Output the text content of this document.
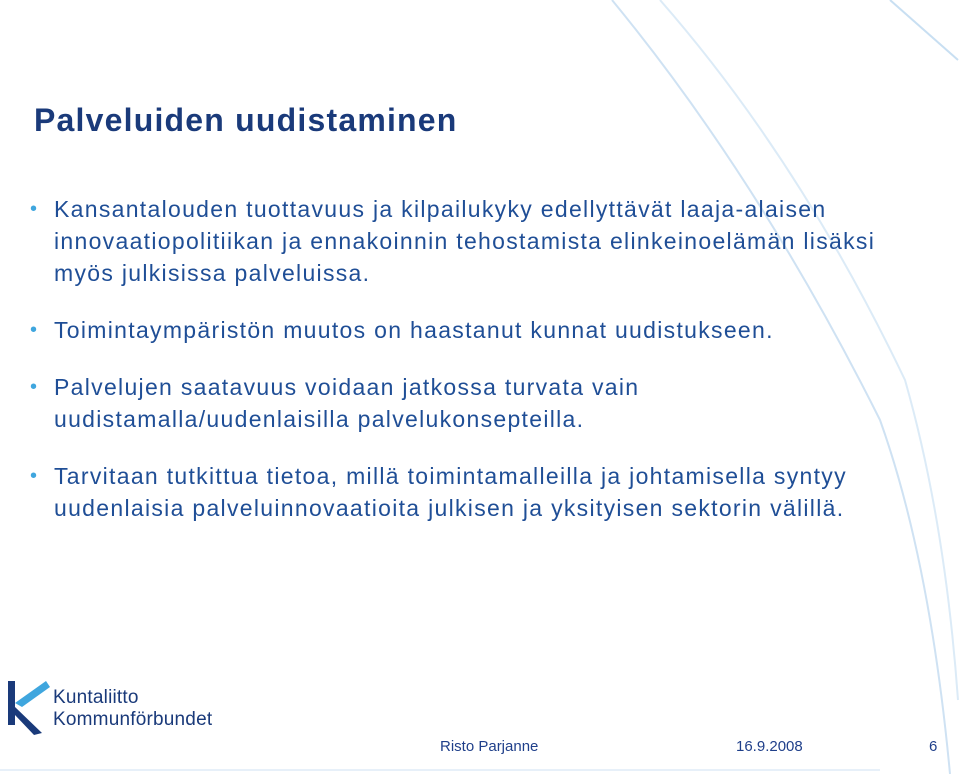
Palveluiden uudistaminen
• Kansantalouden tuottavuus ja kilpailukyky edellyttävät laaja-alaisen innovaatiopolitiikan ja ennakoinnin tehostamista elinkeinoelämän lisäksi myös julkisissa palveluissa.
• Toimintaympäristön muutos on haastanut kunnat uudistukseen.
• Palvelujen saatavuus voidaan jatkossa turvata vain uudistamalla/uudenlaisilla palvelukonsepteilla.
• Tarvitaan tutkittua tietoa, millä toimintamalleilla ja johtamisella syntyy uudenlaisia palveluinnovaatioita julkisen ja yksityisen sektorin välillä.
Kuntaliitto
Kommunförbundet
Risto Parjanne	16.9.2008	6
